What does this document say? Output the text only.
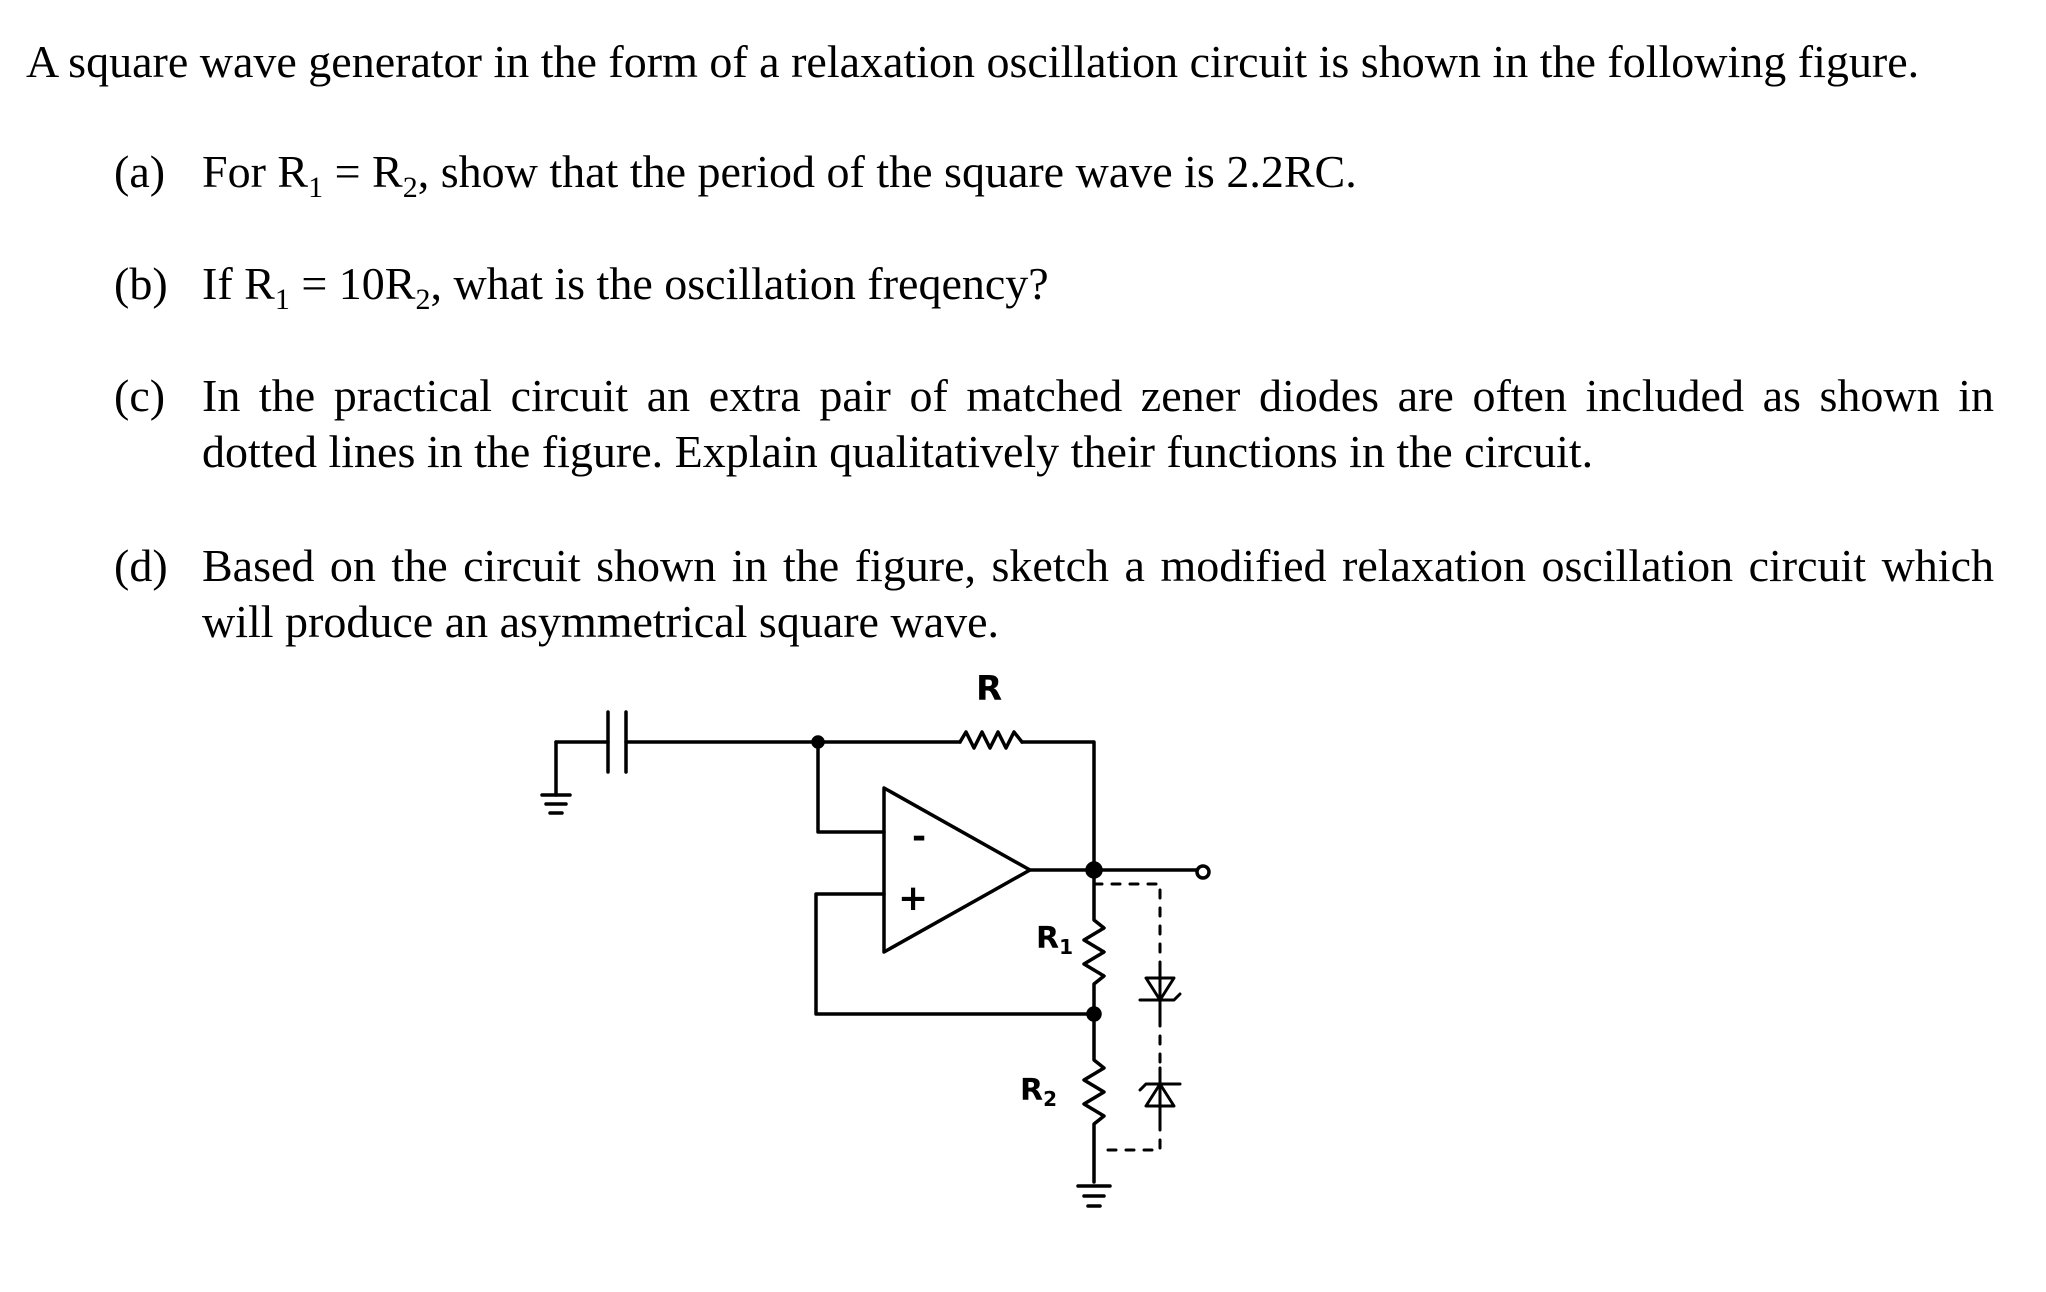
A square wave generator in the form of a relaxation oscillation circuit is shown in the following figure.
(a) For $R_1 = R_2$, show that the period of the square wave is 2.2RC.
(b) If $R_1 = 10R_2$, what is the oscillation freqency?
(c) In the practical circuit an extra pair of matched zener diodes are often included as shown in dotted lines in the figure. Explain qualitatively their functions in the circuit.
(d) Based on the circuit shown in the figure, sketch a modified relaxation oscillation circuit which will produce an asymmetrical square wave.
R
$R_1$
$R_2$
-
+
